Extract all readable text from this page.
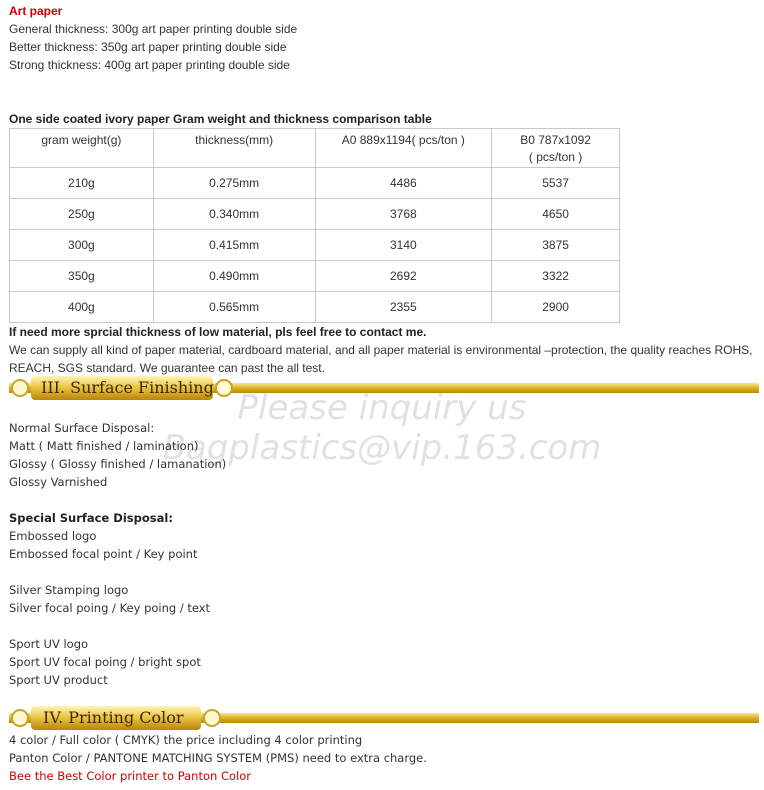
Art paper
General thickness: 300g art paper printing double side
Better thickness: 350g art paper printing double side
Strong thickness: 400g art paper printing double side
One side coated ivory paper Gram weight and thickness comparison table
gram weight(g)	thickness(mm)	A0 889x1194( pcs/ton )	B0 787x1092
( pcs/ton )
210g	0.275mm	4486	5537
250g	0.340mm	3768	4650
300g	0.415mm	3140	3875
350g	0.490mm	2692	3322
400g	0.565mm	2355	2900
If need more sprcial thickness of low material, pls feel free to contact me.
We can supply all kind of paper material, cardboard material, and all paper material is environmental –protection, the quality reaches ROHS,
REACH, SGS standard. We guarantee can past the all test.
III. Surface Finishing
Please inquiry us
Bagplastics@vip.163.com
Normal Surface Disposal:
Matt ( Matt finished / lamination)
Glossy ( Glossy finished / lamanation)
Glossy Varnished
Special Surface Disposal:
Embossed logo
Embossed focal point / Key point
Silver Stamping logo
Silver focal poing / Key poing / text
Sport UV logo
Sport UV focal poing / bright spot
Sport UV product
IV. Printing Color
4 color / Full color ( CMYK) the price including 4 color printing
Panton Color / PANTONE MATCHING SYSTEM (PMS) need to extra charge.
Bee the Best Color printer to Panton Color
